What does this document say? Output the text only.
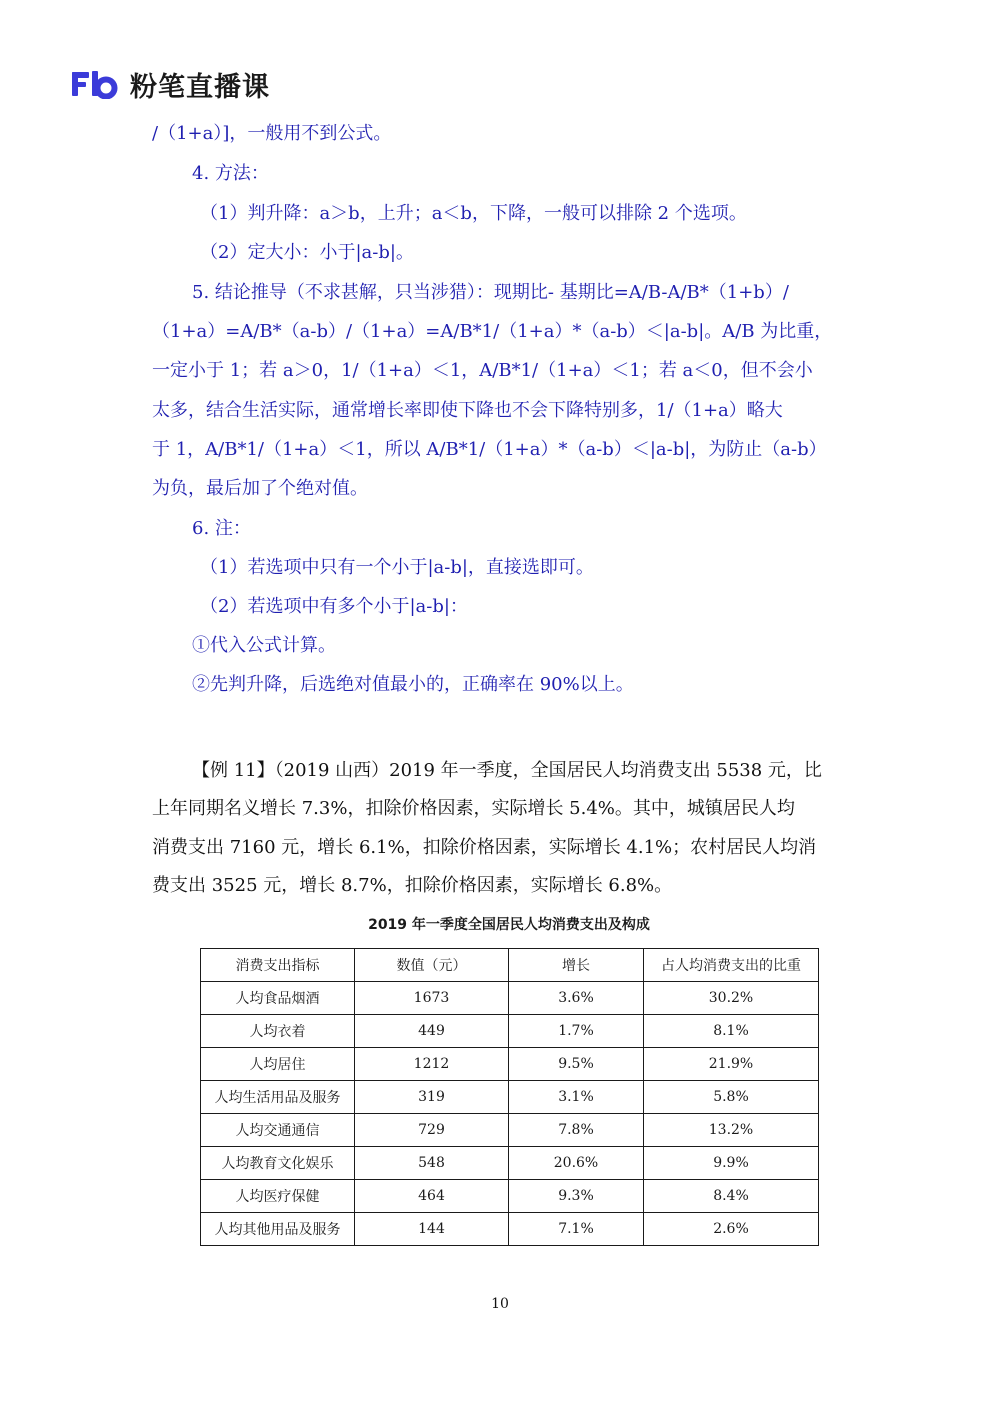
粉笔直播课
/（1+a）]，一般用不到公式。
4. 方法：
（1）判升降：a＞b，上升；a＜b，下降，一般可以排除 2 个选项。
（2）定大小：小于|a-b|。
5. 结论推导（不求甚解，只当涉猎）：现期比- 基期比=A/B-A/B*（1+b）/
（1+a）=A/B*（a-b）/（1+a）=A/B*1/（1+a）*（a-b）＜|a-b|。A/B 为比重，
一定小于 1；若 a＞0，1/（1+a）＜1，A/B*1/（1+a）＜1；若 a＜0，但不会小
太多，结合生活实际，通常增长率即使下降也不会下降特别多，1/（1+a）略大
于 1，A/B*1/（1+a）＜1，所以 A/B*1/（1+a）*（a-b）＜|a-b|，为防止（a-b）
为负，最后加了个绝对值。
6. 注：
（1）若选项中只有一个小于|a-b|，直接选即可。
（2）若选项中有多个小于|a-b|：
①代入公式计算。
②先判升降，后选绝对值最小的，正确率在 90%以上。
【例 11】（2019 山西）2019 年一季度，全国居民人均消费支出 5538 元，比
上年同期名义增长 7.3%，扣除价格因素，实际增长 5.4%。其中，城镇居民人均
消费支出 7160 元，增长 6.1%，扣除价格因素，实际增长 4.1%；农村居民人均消
费支出 3525 元，增长 8.7%，扣除价格因素，实际增长 6.8%。
2019 年一季度全国居民人均消费支出及构成
消费支出指标	数值（元）	增长	占人均消费支出的比重
人均食品烟酒	1673	3.6%	30.2%
人均衣着	449	1.7%	8.1%
人均居住	1212	9.5%	21.9%
人均生活用品及服务	319	3.1%	5.8%
人均交通通信	729	7.8%	13.2%
人均教育文化娱乐	548	20.6%	9.9%
人均医疗保健	464	9.3%	8.4%
人均其他用品及服务	144	7.1%	2.6%
10
